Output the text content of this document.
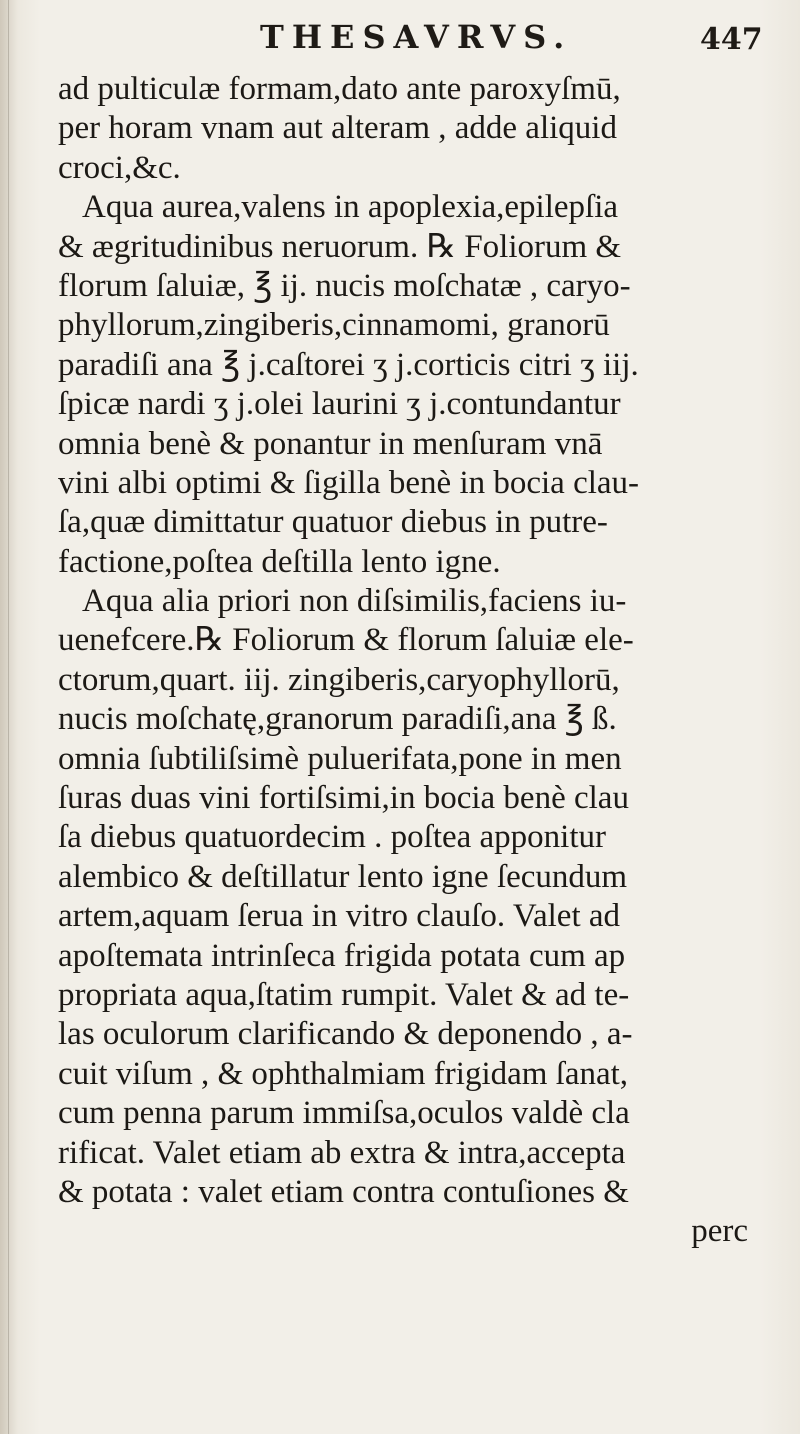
THESAVRVS.	447
ad pulticulæ formam,dato ante paroxyſmū,
per horam vnam aut alteram , adde aliquid
croci,&c.
Aqua aurea,valens in apoplexia,epilepſia
& ægritudinibus neruorum. ℞ Foliorum &
florum ſaluiæ, ℥ ij. nucis moſchatæ , caryo-
phyllorum,zingiberis,cinnamomi, granorū
paradiſi ana ℥ j.caſtorei ʒ j.corticis citri ʒ iij.
ſpicæ nardi ʒ j.olei laurini ʒ j.contundantur
omnia benè & ponantur in menſuram vnā
vini albi optimi & ſigilla benè in bocia clau-
ſa,quæ dimittatur quatuor diebus in putre-
factione,poſtea deſtilla lento igne.
Aqua alia priori non diſsimilis,faciens iu-
uenefcere.℞ Foliorum & florum ſaluiæ ele-
ctorum,quart. iij. zingiberis,caryophyllorū,
nucis moſchatę,granorum paradiſi,ana ℥ ß.
omnia ſubtiliſsimè puluerifata,pone in men
ſuras duas vini fortiſsimi,in bocia benè clau
ſa diebus quatuordecim . poſtea apponitur
alembico & deſtillatur lento igne ſecundum
artem,aquam ſerua in vitro clauſo. Valet ad
apoſtemata intrinſeca frigida potata cum ap
propriata aqua,ſtatim rumpit. Valet & ad te-
las oculorum clarificando & deponendo , a-
cuit viſum , & ophthalmiam frigidam ſanat,
cum penna parum immiſsa,oculos valdè cla
rificat. Valet etiam ab extra & intra,accepta
& potata : valet etiam contra contuſiones &
perc
